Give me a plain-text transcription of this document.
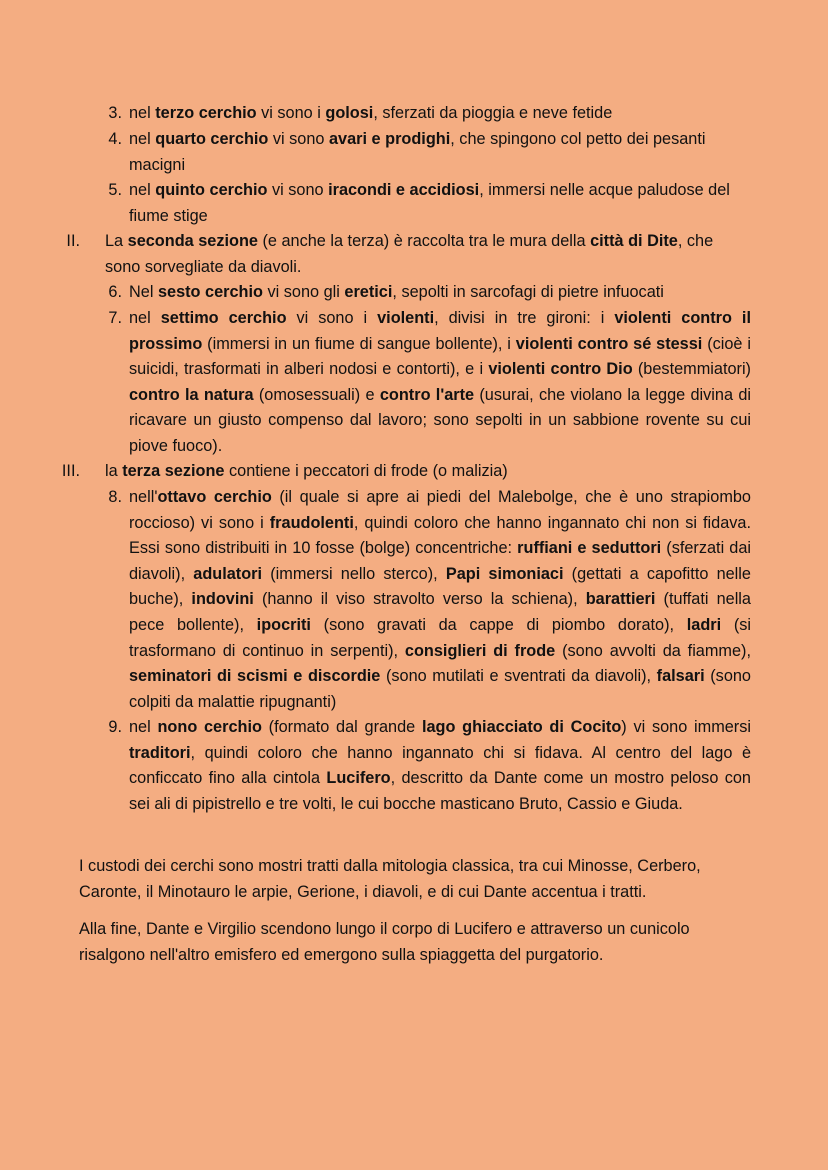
3. nel terzo cerchio vi sono i golosi, sferzati da pioggia e neve fetide
4. nel quarto cerchio vi sono avari e prodighi, che spingono col petto dei pesanti macigni
5. nel quinto cerchio vi sono iracondi e accidiosi, immersi nelle acque paludose del fiume stige
II. La seconda sezione (e anche la terza) è raccolta tra le mura della città di Dite, che sono sorvegliate da diavoli.
6. Nel sesto cerchio vi sono gli eretici, sepolti in sarcofagi di pietre infuocati
7. nel settimo cerchio vi sono i violenti, divisi in tre gironi: i violenti contro il prossimo (immersi in un fiume di sangue bollente), i violenti contro sé stessi (cioè i suicidi, trasformati in alberi nodosi e contorti), e i violenti contro Dio (bestemmiatori) contro la natura (omosessuali) e contro l'arte (usurai, che violano la legge divina di ricavare un giusto compenso dal lavoro; sono sepolti in un sabbione rovente su cui piove fuoco).
III. la terza sezione contiene i peccatori di frode (o malizia)
8. nell'ottavo cerchio (il quale si apre ai piedi del Malebolge, che è uno strapiombo roccioso) vi sono i fraudolenti, quindi coloro che hanno ingannato chi non si fidava. Essi sono distribuiti in 10 fosse (bolge) concentriche: ruffiani e seduttori (sferzati dai diavoli), adulatori (immersi nello sterco), Papi simoniaci (gettati a capofitto nelle buche), indovini (hanno il viso stravolto verso la schiena), barattieri (tuffati nella pece bollente), ipocriti (sono gravati da cappe di piombo dorato), ladri (si trasformano di continuo in serpenti), consiglieri di frode (sono avvolti da fiamme), seminatori di scismi e discordie (sono mutilati e sventrati da diavoli), falsari (sono colpiti da malattie ripugnanti)
9. nel nono cerchio (formato dal grande lago ghiacciato di Cocito) vi sono immersi traditori, quindi coloro che hanno ingannato chi si fidava. Al centro del lago è conficcato fino alla cintola Lucifero, descritto da Dante come un mostro peloso con sei ali di pipistrello e tre volti, le cui bocche masticano Bruto, Cassio e Giuda.

I custodi dei cerchi sono mostri tratti dalla mitologia classica, tra cui Minosse, Cerbero, Caronte, il Minotauro le arpie, Gerione, i diavoli, e di cui Dante accentua i tratti.

Alla fine, Dante e Virgilio scendono lungo il corpo di Lucifero e attraverso un cunicolo risalgono nell'altro emisfero ed emergono sulla spiaggetta del purgatorio.
